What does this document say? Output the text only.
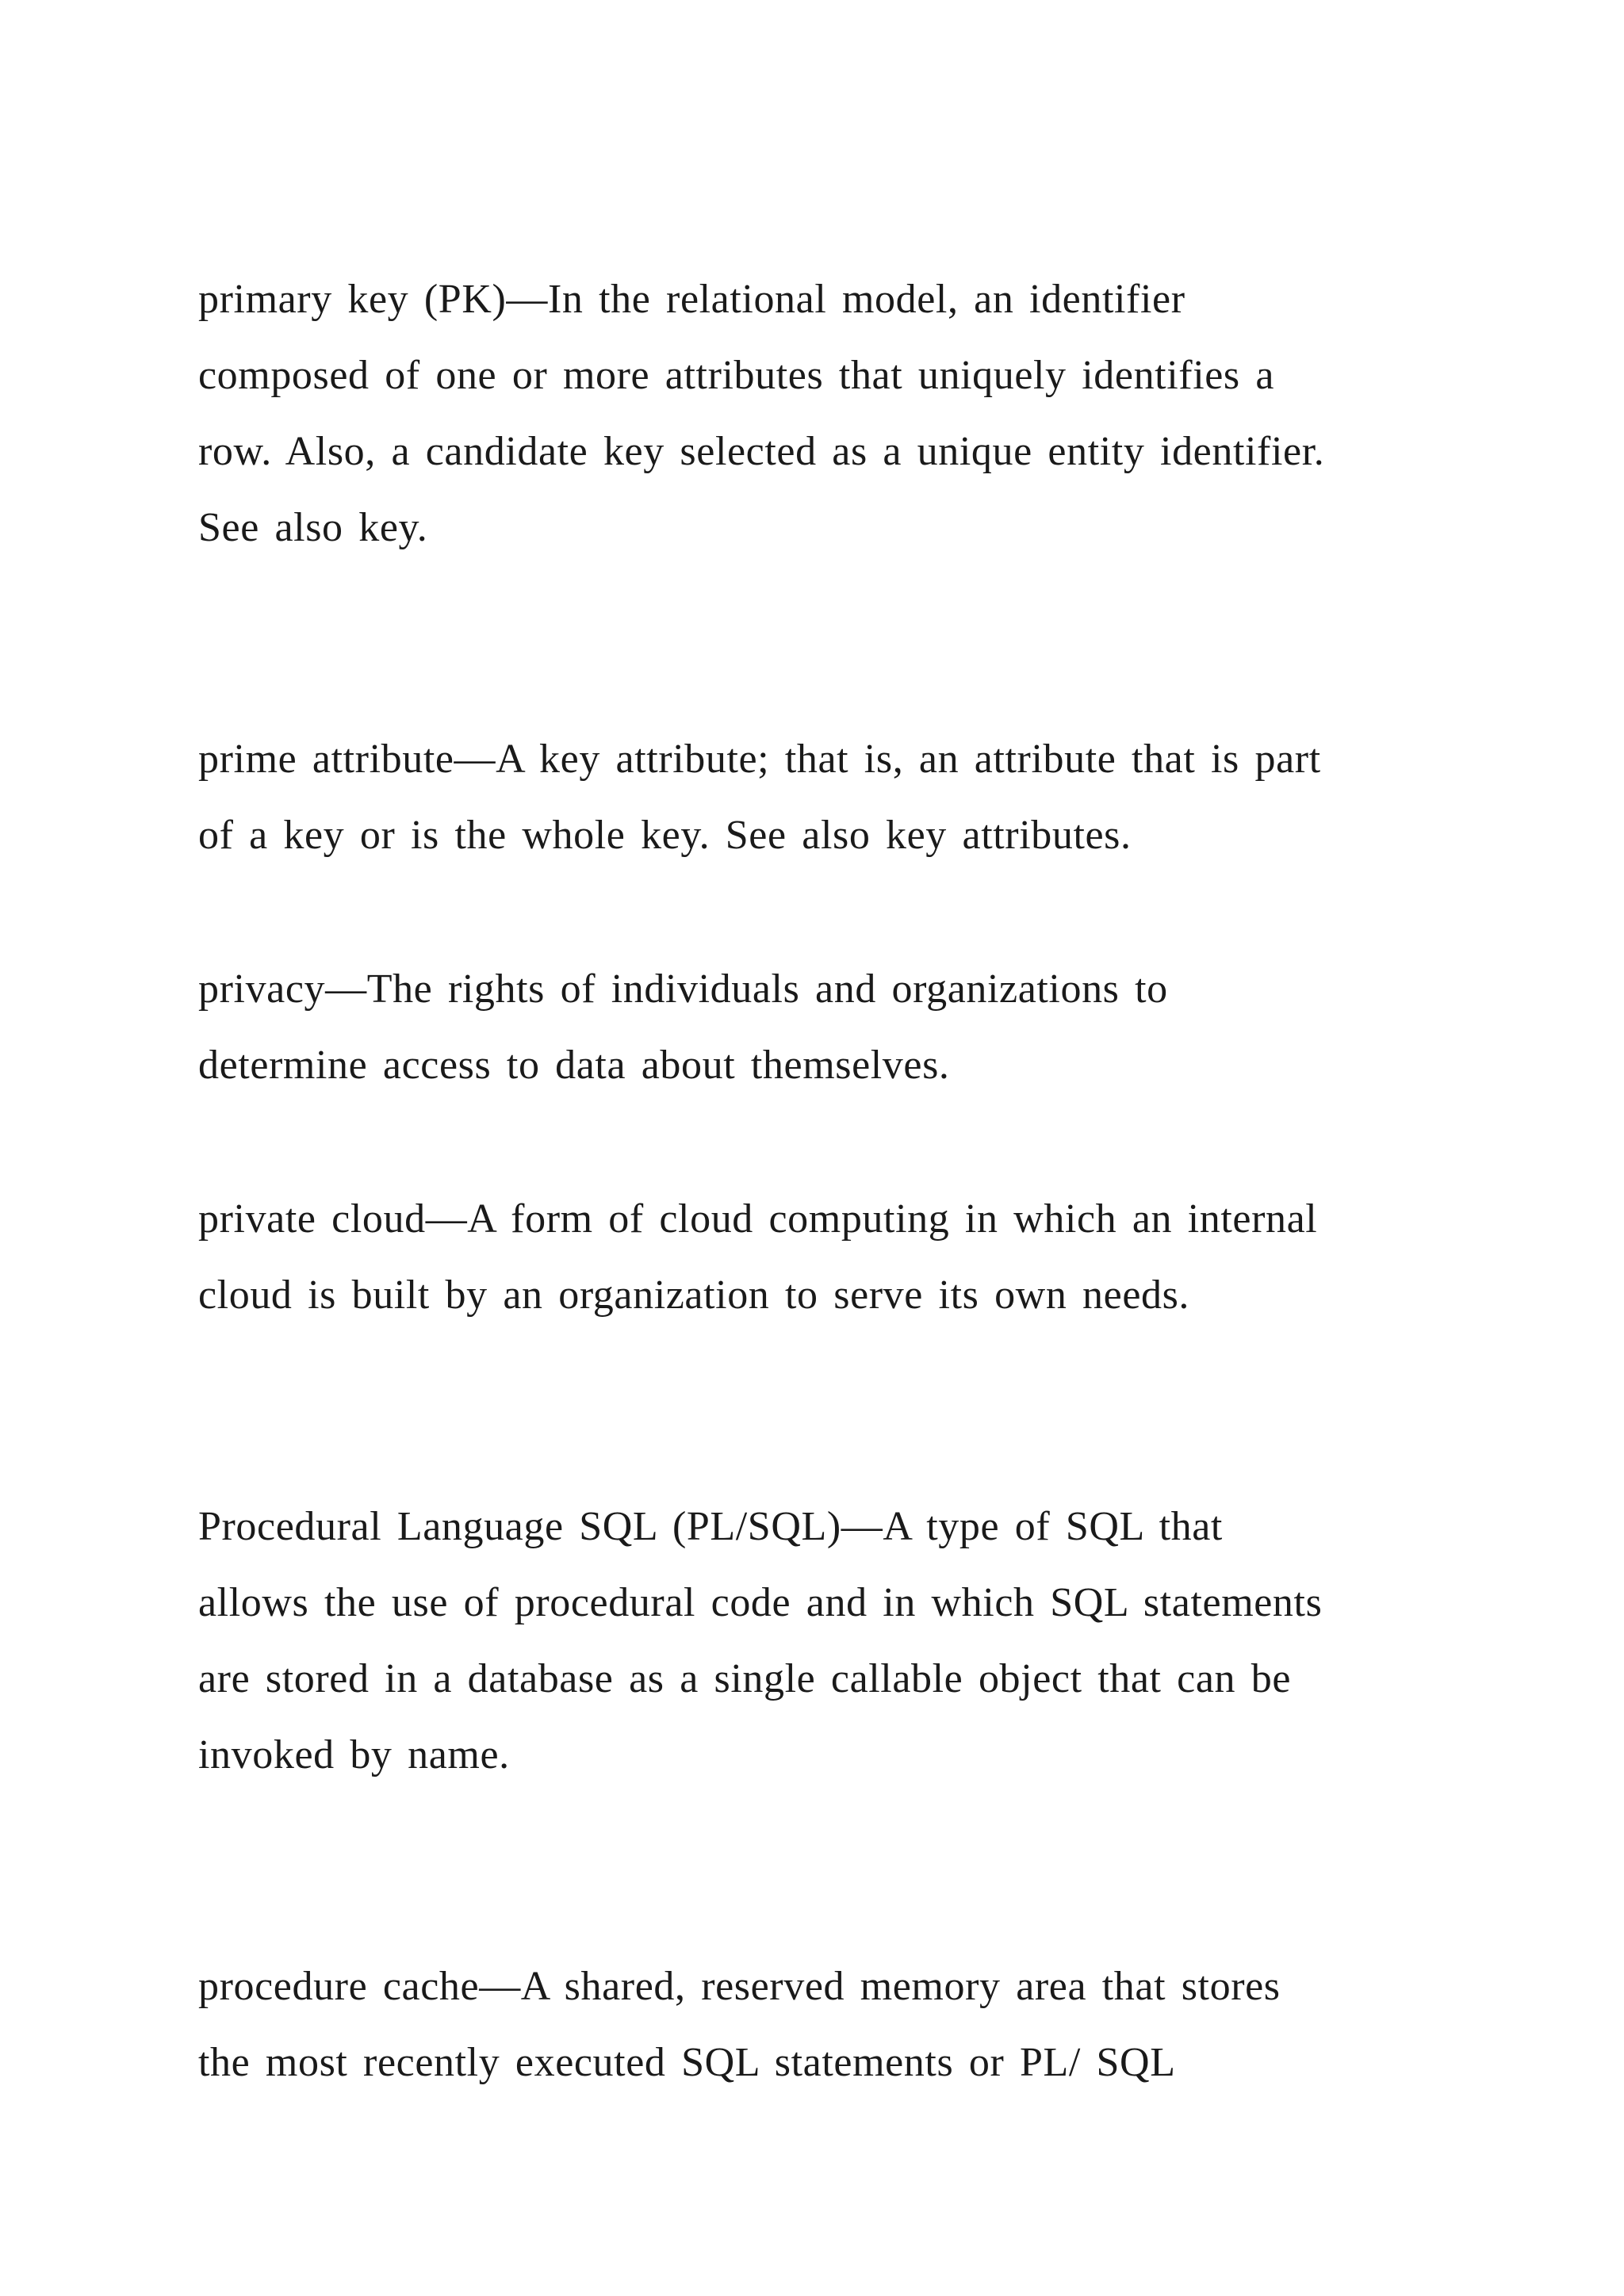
primary key (PK)—In the relational model, an identifier
composed of one or more attributes that uniquely identifies a
row. Also, a candidate key selected as a unique entity identifier.
See also key.
prime attribute—A key attribute; that is, an attribute that is part
of a key or is the whole key. See also key attributes.
privacy—The rights of individuals and organizations to
determine access to data about themselves.
private cloud—A form of cloud computing in which an internal
cloud is built by an organization to serve its own needs.
Procedural Language SQL (PL/SQL)—A type of SQL that
allows the use of procedural code and in which SQL statements
are stored in a database as a single callable object that can be
invoked by name.
procedure cache—A shared, reserved memory area that stores
the most recently executed SQL statements or PL/ SQL
